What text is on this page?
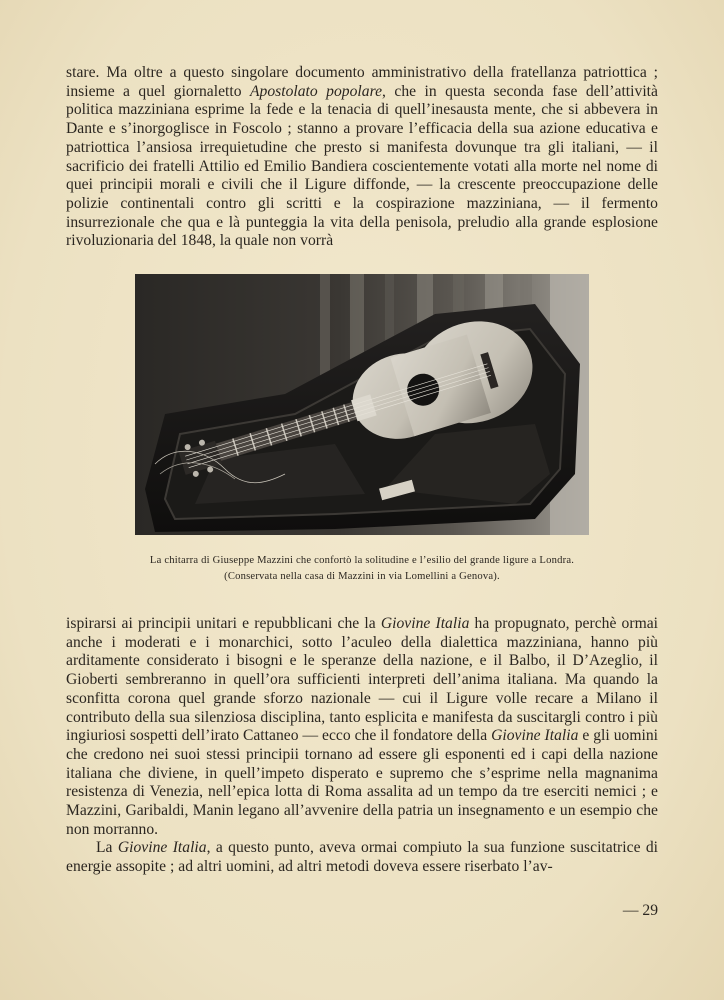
stare. Ma oltre a questo singolare documento amministrativo della fratellanza patriottica ; insieme a quel giornaletto Apostolato popolare, che in questa seconda fase dell’attività politica mazziniana esprime la fede e la tenacia di quell’inesausta mente, che si abbevera in Dante e s’inorgoglisce in Foscolo ; stanno a provare l’efficacia della sua azione educativa e patriottica l’ansiosa irrequietudine che presto si manifesta dovunque tra gli italiani, — il sacrificio dei fratelli Attilio ed Emilio Bandiera coscientemente votati alla morte nel nome di quei principii morali e civili che il Ligure diffonde, — la crescente preoccupazione delle polizie continentali contro gli scritti e la cospirazione mazziniana, — il fermento insurrezionale che qua e là punteggia la vita della penisola, preludio alla grande esplosione rivoluzionaria del 1848, la quale non vorrà

La chitarra di Giuseppe Mazzini che confortò la solitudine e l’esilio del grande ligure a Londra.
(Conservata nella casa di Mazzini in via Lomellini a Genova).

ispirarsi ai principii unitari e repubblicani che la Giovine Italia ha propugnato, perchè ormai anche i moderati e i monarchici, sotto l’aculeo della dialettica mazziniana, hanno più arditamente considerato i bisogni e le speranze della nazione, e il Balbo, il D’Azeglio, il Gioberti sembreranno in quell’ora sufficienti interpreti dell’anima italiana. Ma quando la sconfitta corona quel grande sforzo nazionale — cui il Ligure volle recare a Milano il contributo della sua silenziosa disciplina, tanto esplicita e manifesta da suscitargli contro i più ingiuriosi sospetti dell’irato Cattaneo — ecco che il fondatore della Giovine Italia e gli uomini che credono nei suoi stessi principii tornano ad essere gli esponenti ed i capi della nazione italiana che diviene, in quell’impeto disperato e supremo che s’esprime nella magnanima resistenza di Venezia, nell’epica lotta di Roma assalita ad un tempo da tre eserciti nemici ; e Mazzini, Garibaldi, Manin legano all’avvenire della patria un insegnamento e un esempio che non morranno.

La Giovine Italia, a questo punto, aveva ormai compiuto la sua funzione suscitatrice di energie assopite ; ad altri uomini, ad altri metodi doveva essere riserbato l’av-

— 29
